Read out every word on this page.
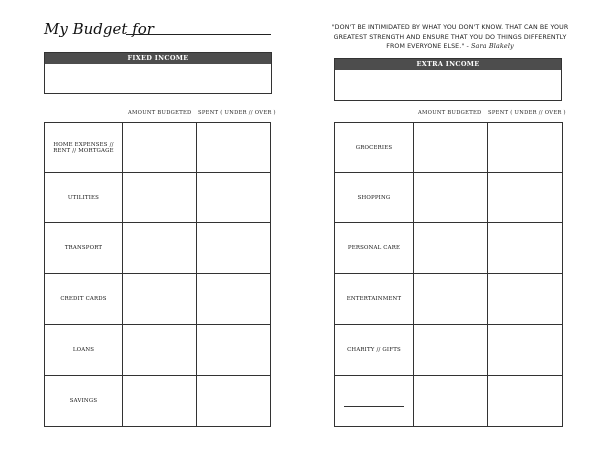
My Budget for	"DON'T BE INTIMIDATED BY WHAT YOU DON'T KNOW. THAT CAN BE YOUR GREATEST STRENGTH AND ENSURE THAT YOU DO THINGS DIFFERENTLY FROM EVERYONE ELSE." - Sara Blakely
FIXED INCOME
EXTRA INCOME
AMOUNT BUDGETED SPENT ( UNDER // OVER )	AMOUNT BUDGETED SPENT ( UNDER // OVER )
HOME EXPENSES // RENT // MORTGAGE		
UTILITIES		
TRANSPORT		
CREDIT CARDS		
LOANS		
SAVINGS		
GROCERIES		
SHOPPING		
PERSONAL CARE		
ENTERTAINMENT		
CHARITY // GIFTS		
